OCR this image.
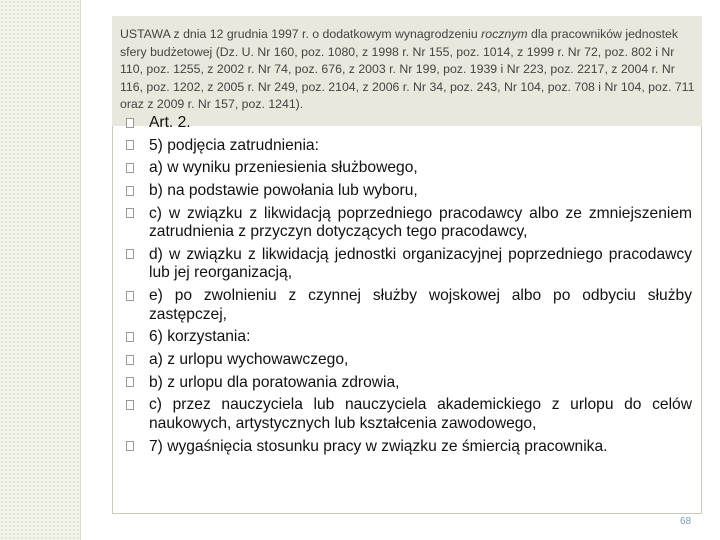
USTAWA z dnia 12 grudnia 1997 r. o dodatkowym wynagrodzeniu rocznym dla pracowników jednostek sfery budżetowej (Dz. U. Nr 160, poz. 1080, z 1998 r. Nr 155, poz. 1014, z 1999 r. Nr 72, poz. 802 i Nr 110, poz. 1255, z 2002 r. Nr 74, poz. 676, z 2003 r. Nr 199, poz. 1939 i Nr 223, poz. 2217, z 2004 r. Nr 116, poz. 1202, z 2005 r. Nr 249, poz. 2104, z 2006 r. Nr 34, poz. 243, Nr 104, poz. 708 i Nr 104, poz. 711 oraz z 2009 r. Nr 157, poz. 1241).
Art. 2.
5) podjęcia zatrudnienia:
a) w wyniku przeniesienia służbowego,
b) na podstawie powołania lub wyboru,
c) w związku z likwidacją poprzedniego pracodawcy albo ze zmniejszeniem zatrudnienia z przyczyn dotyczących tego pracodawcy,
d) w związku z likwidacją jednostki organizacyjnej poprzedniego pracodawcy lub jej reorganizacją,
e) po zwolnieniu z czynnej służby wojskowej albo po odbyciu służby zastępczej,
6) korzystania:
a) z urlopu wychowawczego,
b) z urlopu dla poratowania zdrowia,
c) przez nauczyciela lub nauczyciela akademickiego z urlopu do celów naukowych, artystycznych lub kształcenia zawodowego,
7) wygaśnięcia stosunku pracy w związku ze śmiercią pracownika.
68
